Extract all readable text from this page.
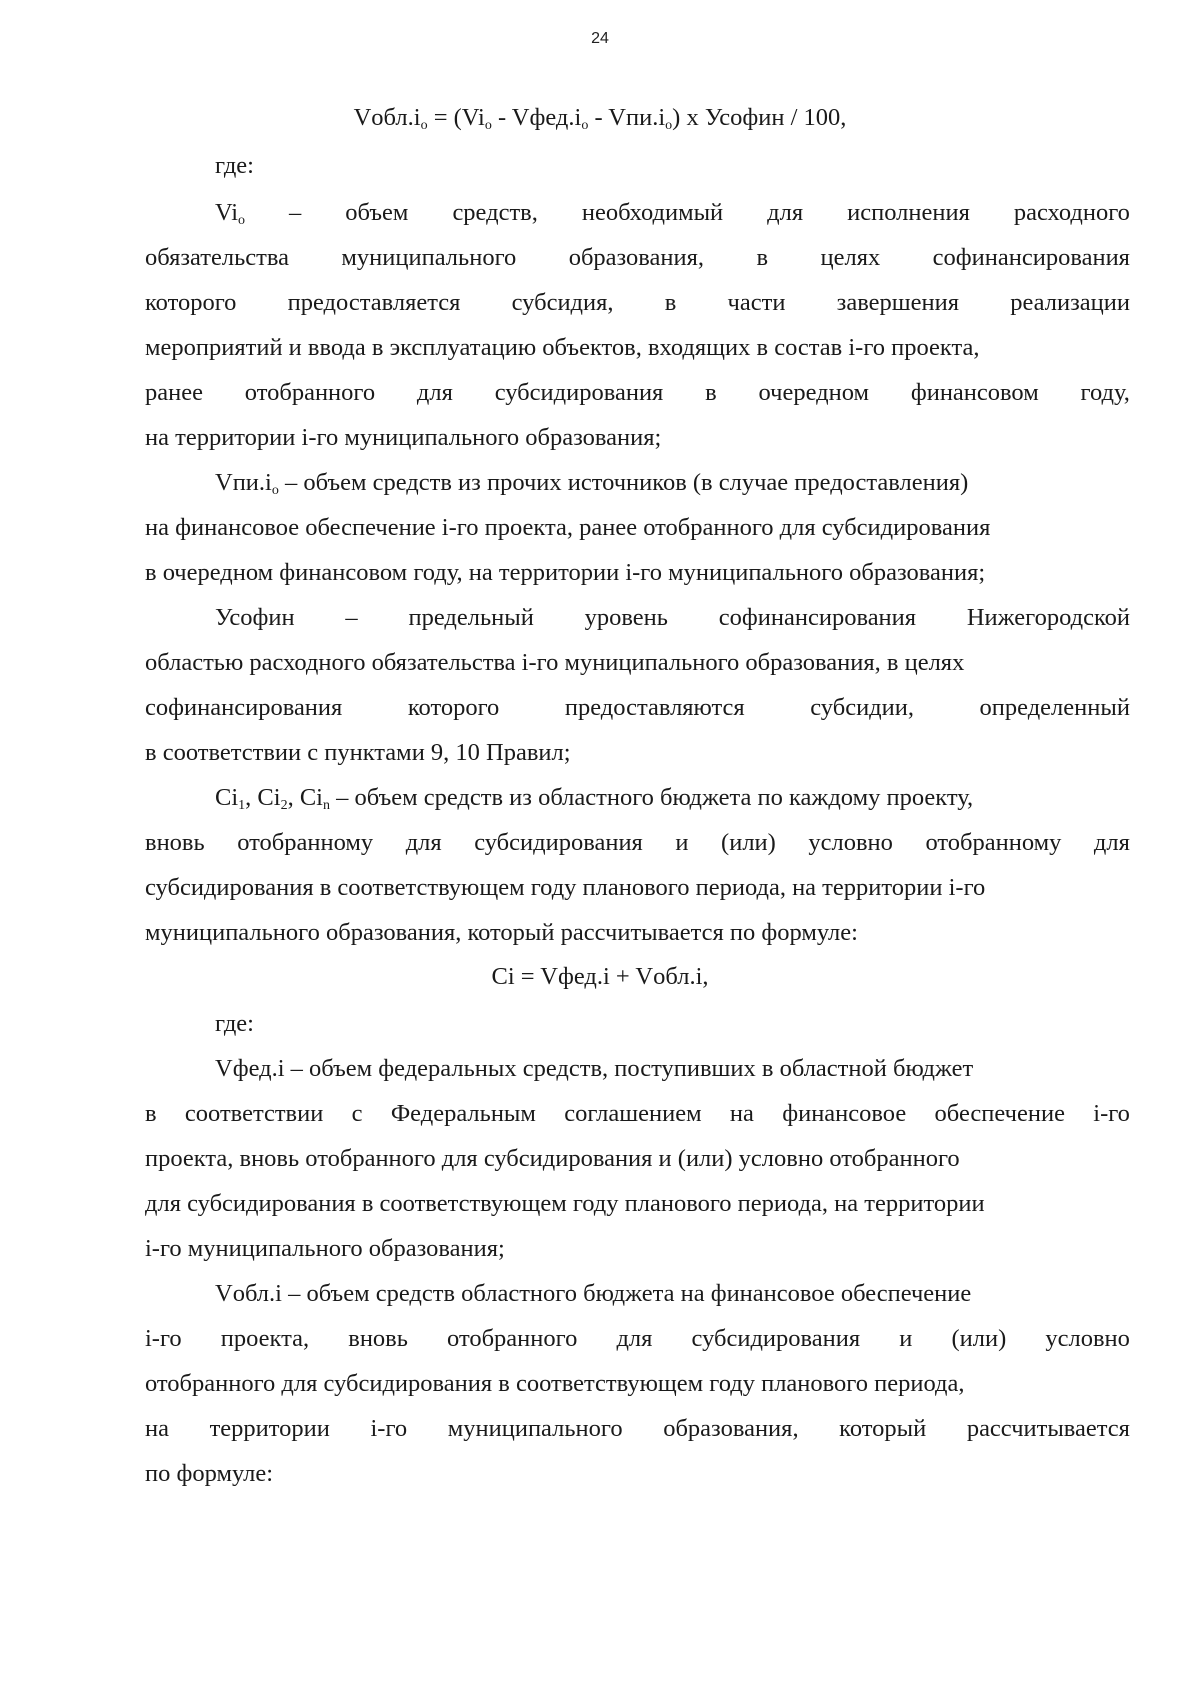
24
$Vобл.i_o = (Vi_o$ - $Vфед.i_o - Vпи.i_o$) x Усофин / 100,
где:
$Vi_o$ – объем средств, необходимый для исполнения расходного
обязательства муниципального образования, в целях софинансирования
которого предоставляется субсидия, в части завершения реализации
мероприятий и ввода в эксплуатацию объектов, входящих в состав i-го проекта,
ранее отобранного для субсидирования в очередном финансовом году,
на территории i-го муниципального образования;
$Vпи.i_o$ – объем средств из прочих источников (в случае предоставления)
на финансовое обеспечение i-го проекта, ранее отобранного для субсидирования
в очередном финансовом году, на территории i-го муниципального образования;
Усофин – предельный уровень софинансирования Нижегородской
областью расходного обязательства i-го муниципального образования, в целях
софинансирования	которого	предоставляются	субсидии,	определенный
в соответствии с пунктами 9, 10 Правил;
$Ci_1$, $Ci_2$, $Ci_n$ – объем средств из областного бюджета по каждому проекту,
вновь отобранному для субсидирования и (или) условно отобранному для
субсидирования в соответствующем году планового периода, на территории i-го
муниципального образования, который рассчитывается по формуле:
Ci = Vфед.i + Vобл.i,
где:
Vфед.i – объем федеральных средств, поступивших в областной бюджет
в соответствии с Федеральным соглашением на финансовое обеспечение i-го
проекта, вновь отобранного для субсидирования и (или) условно отобранного
для субсидирования в соответствующем году планового периода, на территории
i-го муниципального образования;
Vобл.i – объем средств областного бюджета на финансовое обеспечение
i-го проекта, вновь отобранного для субсидирования и (или) условно
отобранного для субсидирования в соответствующем году планового периода,
на территории i-го муниципального образования, который рассчитывается
по формуле:
